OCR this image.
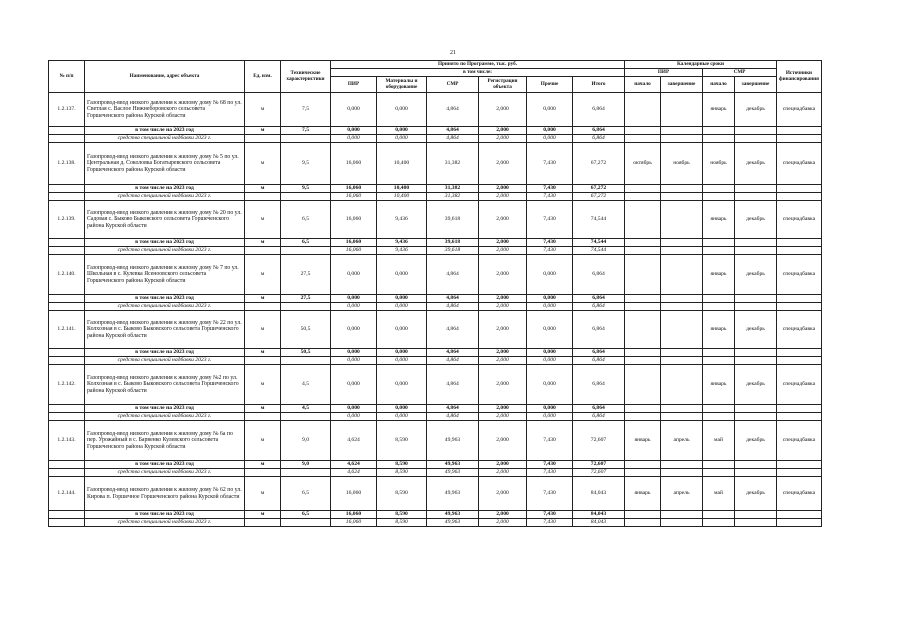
21
№ п/п	Наименование, адрес объекта	Ед. изм.	Технические характеристики	Принято по Программе, тыс. руб.						Календарные сроки				Источники финансирования
				в том числе:						ПИР		СМР		
				ПИР	Материалы и оборудование	СМР	Регистрация объекта	Прочие	Итого	начало	завершение	начало	завершение	
1.2.137.	Газопровод-ввод низкого давления к жилому дому № 68 по ул. Светлая с. Васлое Нижнеборовского сельсовета Горшеченского района Курской области	м	7,5	0,000	0,000	4,864	2,000	0,000	6,864			январь	декабрь	спецнадбавка
	в том числе на 2023 год	м	7,5	0,000	0,000	4,864	2,000	0,000	6,864					
	средства специальной надбавки 2023 г.			0,000	0,000	4,864	2,000	0,000	6,864					
1.2.138.	Газопровод-ввод низкого давления к жилому дому № 5 по ул. Центральная д. Соколовка Богатыревского сельсовета Горшеченского района Курской области	м	9,5	16,060	10,400	31,382	2,000	7,430	67,272	октябрь	ноябрь	ноябрь	декабрь	спецнадбавка
	в том числе на 2023 год	м	9,5	16,060	10,400	31,382	2,000	7,430	67,272					
	средства специальной надбавки 2023 г.			16,060	10,400	31,382	2,000	7,430	67,272					
1.2.139.	Газопровод-ввод низкого давления к жилому дому № 20 по ул. Садовая с. Быково Быковского сельсовета Горшеченского района Курской области	м	6,5	16,060	9,436	39,618	2,000	7,430	74,544			январь	декабрь	спецнадбавка
	в том числе на 2023 год	м	6,5	16,060	9,436	39,618	2,000	7,430	74,544					
	средства специальной надбавки 2023 г.			16,060	9,436	39,618	2,000	7,430	74,544					
1.2.140.	Газопровод-ввод низкого давления к жилому дому № 7 по ул. Школьная в с. Кулевка Ясеноовского сельсовета Горшеченского района Курской области	м	27,5	0,000	0,000	4,864	2,000	0,000	6,864			январь	декабрь	спецнадбавка
	в том числе на 2023 год	м	27,5	0,000	0,000	4,864	2,000	0,000	6,864					
	средства специальной надбавки 2023 г.			0,000	0,000	4,864	2,000	0,000	6,864					
1.2.141.	Газопровод-ввод низкого давления к жилому дому № 22 по ул. Колхозная в с. Быково Быковского сельсовета Горшеченского района Курской области	м	50,5	0,000	0,000	4,864	2,000	0,000	6,864			январь	декабрь	спецнадбавка
	в том числе на 2023 год	м	50,5	0,000	0,000	4,864	2,000	0,000	6,864					
	средства специальной надбавки 2023 г.			0,000	0,000	4,864	2,000	0,000	6,864					
1.2.142.	Газопровод-ввод низкого давления к жилому дому №2 по ул. Колхозная в с. Быково Быковского сельсовета Горшеченского района Курской области	м	4,5	0,000	0,000	4,864	2,000	0,000	6,864			январь	декабрь	спецнадбавка
	в том числе на 2023 год	м	4,5	0,000	0,000	4,864	2,000	0,000	6,864					
	средства специальной надбавки 2023 г.			0,000	0,000	4,864	2,000	0,000	6,864					
1.2.143.	Газопровод-ввод низкого давления к жилому дому № 6а по пер. Урожайный в с. Барвенко Кулевского сельсовета Горшеченского района Курской области	м	9,0	4,624	8,590	49,963	2,000	7,430	72,607	январь	апрель	май	декабрь	спецнадбавка
	в том числе на 2023 год	м	9,0	4,624	8,590	49,963	2,000	7,430	72,607					
	средства специальной надбавки 2023 г.			4,624	8,590	49,963	2,000	7,430	72,607					
1.2.144.	Газопровод-ввод низкого давления к жилому дому № 62 по ул. Кирова п. Горшечное Горшеченского района Курской области	м	6,5	16,060	8,590	49,963	2,000	7,430	84,043	январь	апрель	май	декабрь	спецнадбавка
	в том числе на 2023 год	м	6,5	16,060	8,590	49,963	2,000	7,430	84,043					
	средства специальной надбавки 2023 г.			16,060	8,590	49,963	2,000	7,430	84,043					
